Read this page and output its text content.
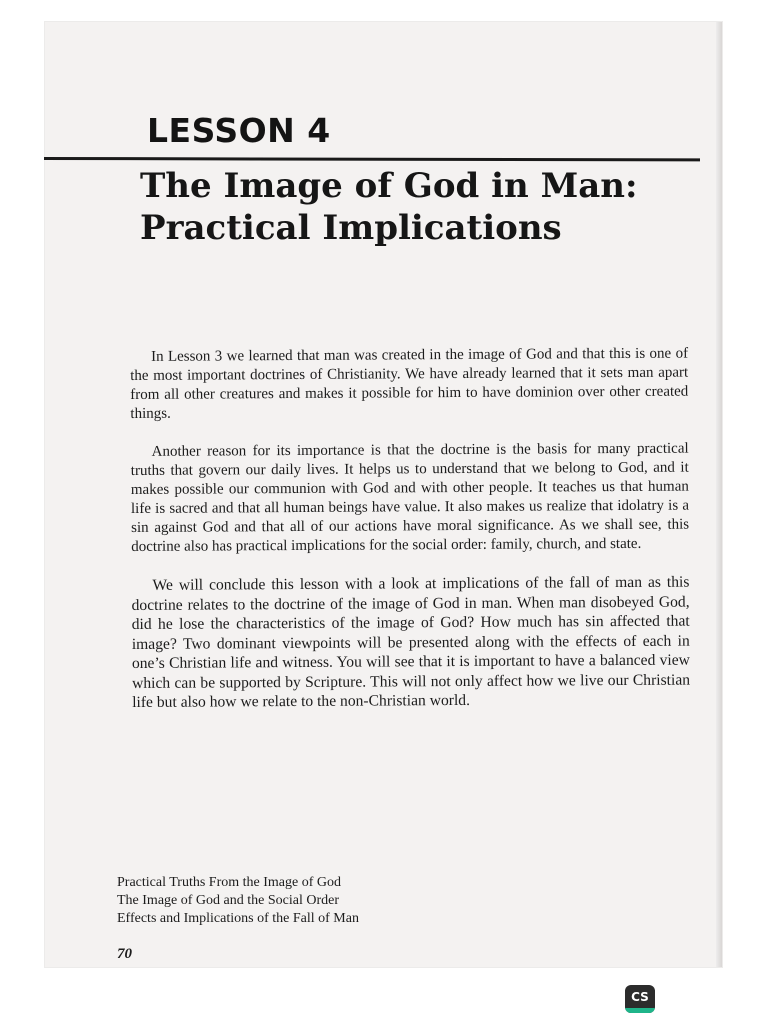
LESSON 4
The Image of God in Man:
Practical Implications

In Lesson 3 we learned that man was created in the image of God and that this is one of the most important doctrines of Christianity. We have already learned that it sets man apart from all other creatures and makes it possible for him to have dominion over other created things.

Another reason for its importance is that the doctrine is the basis for many practical truths that govern our daily lives. It helps us to understand that we belong to God, and it makes possible our communion with God and with other people. It teaches us that human life is sacred and that all human beings have value. It also makes us realize that idolatry is a sin against God and that all of our actions have moral significance. As we shall see, this doctrine also has practical implications for the social order: family, church, and state.

We will conclude this lesson with a look at implications of the fall of man as this doctrine relates to the doctrine of the image of God in man. When man disobeyed God, did he lose the characteristics of the image of God? How much has sin affected that image? Two dominant viewpoints will be presented along with the effects of each in one’s Christian life and witness. You will see that it is important to have a balanced view which can be supported by Scripture. This will not only affect how we live our Christian life but also how we relate to the non-Christian world.

Practical Truths From the Image of God
The Image of God and the Social Order
Effects and Implications of the Fall of Man
70
CS
